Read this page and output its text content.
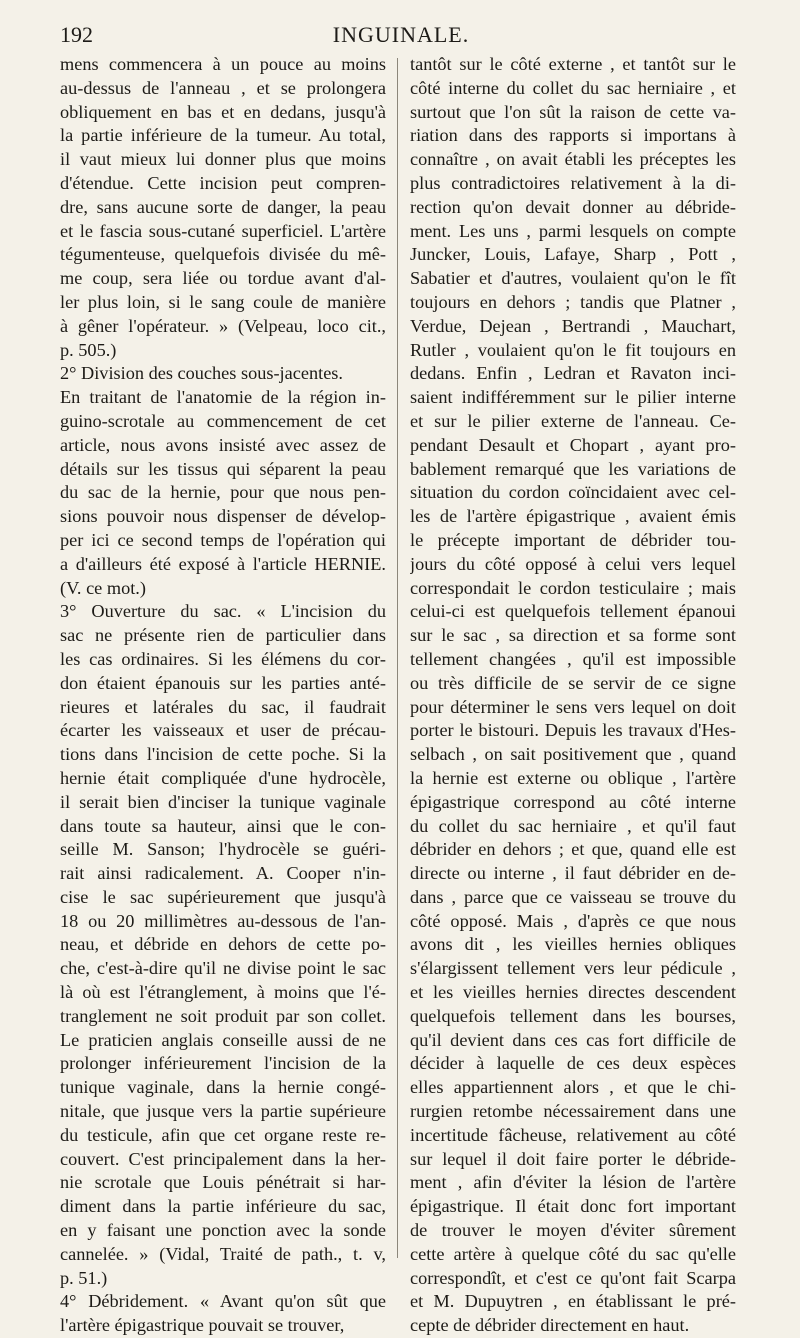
192	INGUINALE.
mens commencera à un pouce au moins
au-dessus de l'anneau , et se prolongera
obliquement en bas et en dedans, jusqu'à
la partie inférieure de la tumeur. Au total,
il vaut mieux lui donner plus que moins
d'étendue. Cette incision peut compren-
dre, sans aucune sorte de danger, la peau
et le fascia sous-cutané superficiel. L'artère
tégumenteuse, quelquefois divisée du mê-
me coup, sera liée ou tordue avant d'al-
ler plus loin, si le sang coule de manière
à gêner l'opérateur. » (Velpeau, loco cit.,
p. 505.)
2° Division des couches sous-jacentes.
En traitant de l'anatomie de la région in-
guino-scrotale au commencement de cet
article, nous avons insisté avec assez de
détails sur les tissus qui séparent la peau
du sac de la hernie, pour que nous pen-
sions pouvoir nous dispenser de dévelop-
per ici ce second temps de l'opération qui
a d'ailleurs été exposé à l'article HERNIE.
(V. ce mot.)
3° Ouverture du sac. « L'incision du
sac ne présente rien de particulier dans
les cas ordinaires. Si les élémens du cor-
don étaient épanouis sur les parties anté-
rieures et latérales du sac, il faudrait
écarter les vaisseaux et user de précau-
tions dans l'incision de cette poche. Si la
hernie était compliquée d'une hydrocèle,
il serait bien d'inciser la tunique vaginale
dans toute sa hauteur, ainsi que le con-
seille M. Sanson; l'hydrocèle se guéri-
rait ainsi radicalement. A. Cooper n'in-
cise le sac supérieurement que jusqu'à
18 ou 20 millimètres au-dessous de l'an-
neau, et débride en dehors de cette po-
che, c'est-à-dire qu'il ne divise point le sac
là où est l'étranglement, à moins que l'é-
tranglement ne soit produit par son collet.
Le praticien anglais conseille aussi de ne
prolonger inférieurement l'incision de la
tunique vaginale, dans la hernie congé-
nitale, que jusque vers la partie supérieure
du testicule, afin que cet organe reste re-
couvert. C'est principalement dans la her-
nie scrotale que Louis pénétrait si har-
diment dans la partie inférieure du sac,
en y faisant une ponction avec la sonde
cannelée. » (Vidal, Traité de path., t. v,
p. 51.)
4° Débridement. « Avant qu'on sût que
l'artère épigastrique pouvait se trouver,
tantôt sur le côté externe , et tantôt sur le
côté interne du collet du sac herniaire , et
surtout que l'on sût la raison de cette va-
riation dans des rapports si importans à
connaître , on avait établi les préceptes les
plus contradictoires relativement à la di-
rection qu'on devait donner au débride-
ment. Les uns , parmi lesquels on compte
Juncker, Louis, Lafaye, Sharp , Pott ,
Sabatier et d'autres, voulaient qu'on le fît
toujours en dehors ; tandis que Platner ,
Verdue, Dejean , Bertrandi , Mauchart,
Rutler , voulaient qu'on le fit toujours en
dedans. Enfin , Ledran et Ravaton inci-
saient indifféremment sur le pilier interne
et sur le pilier externe de l'anneau. Ce-
pendant Desault et Chopart , ayant pro-
bablement remarqué que les variations de
situation du cordon coïncidaient avec cel-
les de l'artère épigastrique , avaient émis
le précepte important de débrider tou-
jours du côté opposé à celui vers lequel
correspondait le cordon testiculaire ; mais
celui-ci est quelquefois tellement épanoui
sur le sac , sa direction et sa forme sont
tellement changées , qu'il est impossible
ou très difficile de se servir de ce signe
pour déterminer le sens vers lequel on doit
porter le bistouri. Depuis les travaux d'Hes-
selbach , on sait positivement que , quand
la hernie est externe ou oblique , l'artère
épigastrique correspond au côté interne
du collet du sac herniaire , et qu'il faut
débrider en dehors ; et que, quand elle est
directe ou interne , il faut débrider en de-
dans , parce que ce vaisseau se trouve du
côté opposé. Mais , d'après ce que nous
avons dit , les vieilles hernies obliques
s'élargissent tellement vers leur pédicule ,
et les vieilles hernies directes descendent
quelquefois tellement dans les bourses,
qu'il devient dans ces cas fort difficile de
décider à laquelle de ces deux espèces
elles appartiennent alors , et que le chi-
rurgien retombe nécessairement dans une
incertitude fâcheuse, relativement au côté
sur lequel il doit faire porter le débride-
ment , afin d'éviter la lésion de l'artère
épigastrique. Il était donc fort important
de trouver le moyen d'éviter sûrement
cette artère à quelque côté du sac qu'elle
correspondît, et c'est ce qu'ont fait Scarpa
et M. Dupuytren , en établissant le pré-
cepte de débrider directement en haut.
